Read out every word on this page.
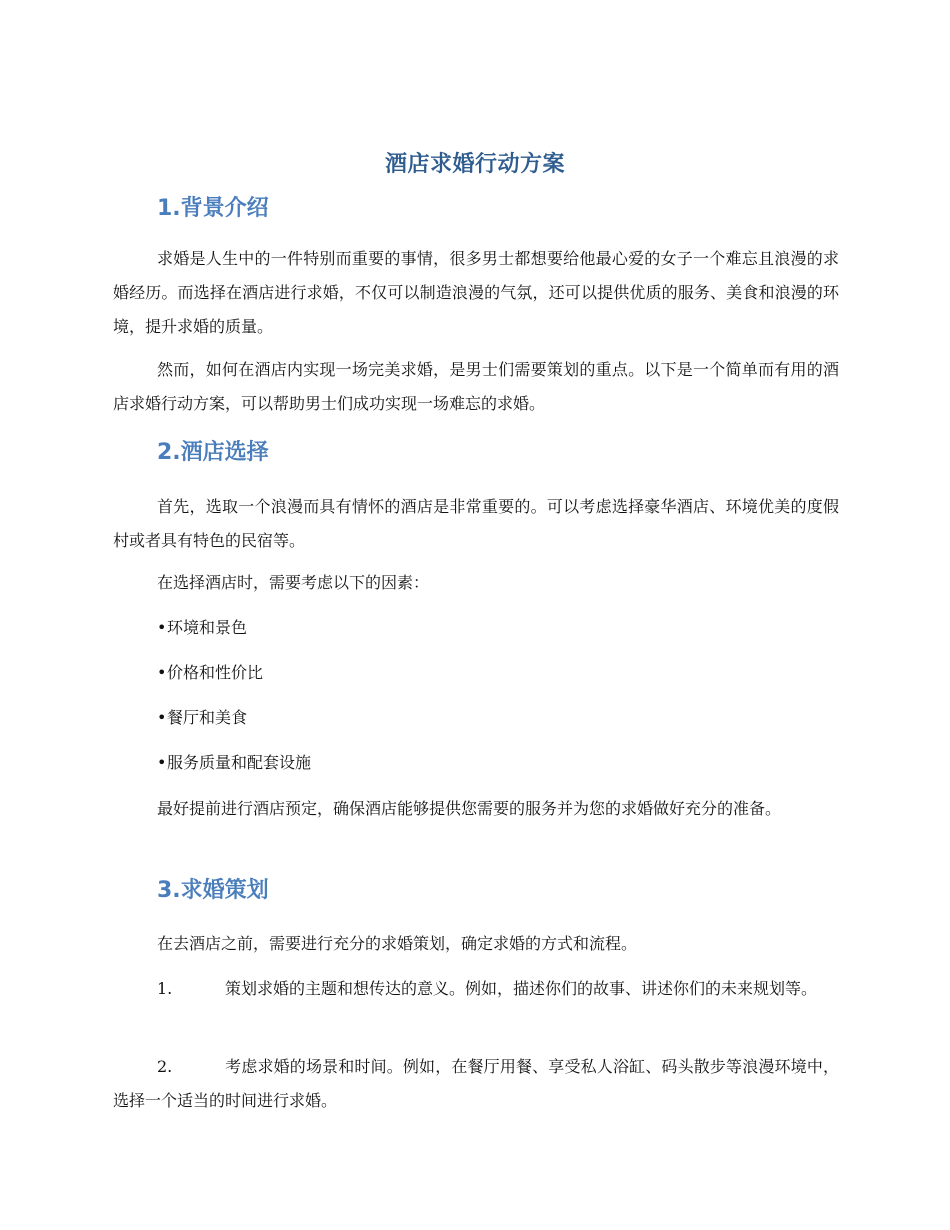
酒店求婚行动方案
1.背景介绍

求婚是人生中的一件特别而重要的事情，很多男士都想要给他最心爱的女子一个难忘且浪漫的求婚经历。而选择在酒店进行求婚，不仅可以制造浪漫的气氛，还可以提供优质的服务、美食和浪漫的环境，提升求婚的质量。

然而，如何在酒店内实现一场完美求婚，是男士们需要策划的重点。以下是一个简单而有用的酒店求婚行动方案，可以帮助男士们成功实现一场难忘的求婚。

2.酒店选择

首先，选取一个浪漫而具有情怀的酒店是非常重要的。可以考虑选择豪华酒店、环境优美的度假村或者具有特色的民宿等。

在选择酒店时，需要考虑以下的因素：

•环境和景色
•价格和性价比
•餐厅和美食
•服务质量和配套设施

最好提前进行酒店预定，确保酒店能够提供您需要的服务并为您的求婚做好充分的准备。

3.求婚策划

在去酒店之前，需要进行充分的求婚策划，确定求婚的方式和流程。

1.	策划求婚的主题和想传达的意义。例如，描述你们的故事、讲述你们的未来规划等。

2.	考虑求婚的场景和时间。例如，在餐厅用餐、享受私人浴缸、码头散步等浪漫环境中，选择一个适当的时间进行求婚。
